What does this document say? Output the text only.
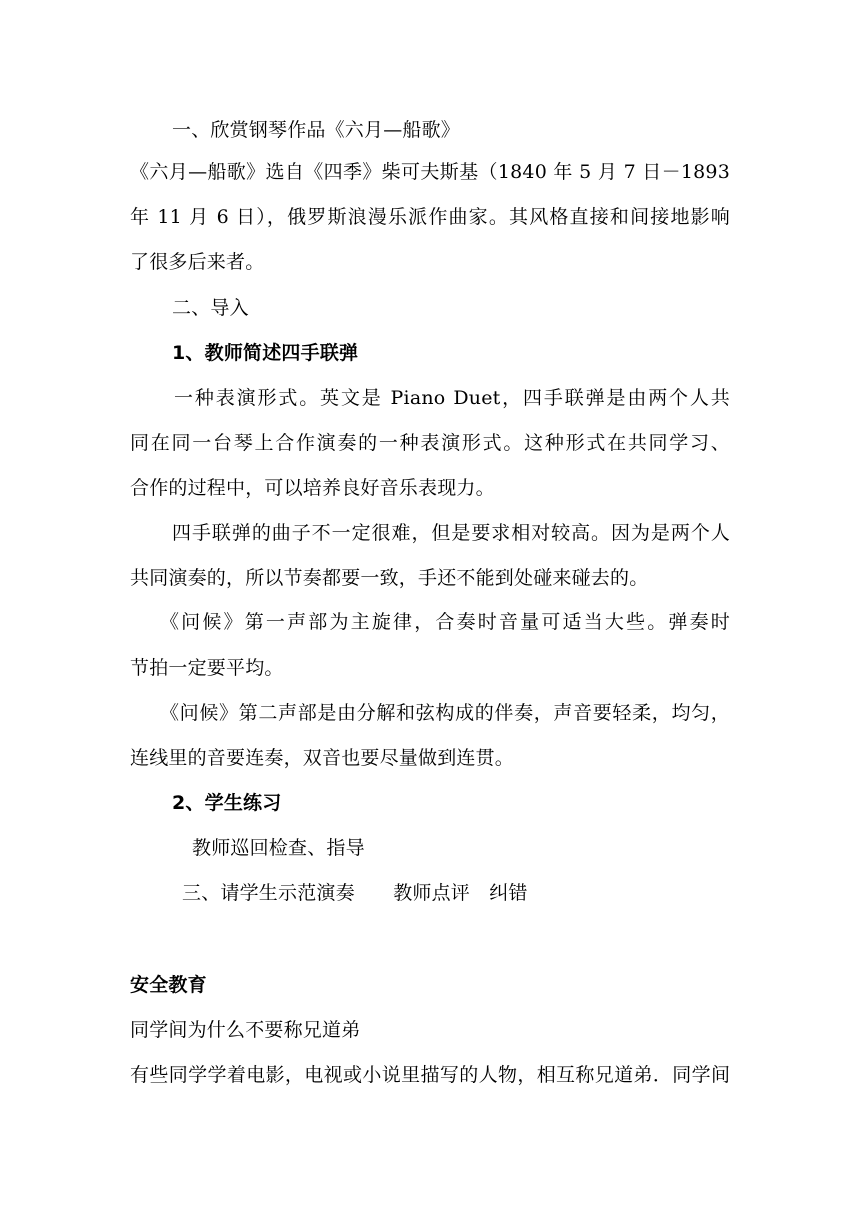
一、欣赏钢琴作品《六月—船歌》
《六月—船歌》选自《四季》柴可夫斯基（1840 年 5 月 7 日－1893
年 11 月 6 日），俄罗斯浪漫乐派作曲家。其风格直接和间接地影响
了很多后来者。
二、导入
1、教师简述四手联弹
一种表演形式。英文是 Piano Duet，四手联弹是由两个人共
同在同一台琴上合作演奏的一种表演形式。这种形式在共同学习、
合作的过程中，可以培养良好音乐表现力。
四手联弹的曲子不一定很难，但是要求相对较高。因为是两个人
共同演奏的，所以节奏都要一致，手还不能到处碰来碰去的。
《问候》第一声部为主旋律，合奏时音量可适当大些。弹奏时
节拍一定要平均。
《问候》第二声部是由分解和弦构成的伴奏，声音要轻柔，均匀，
连线里的音要连奏，双音也要尽量做到连贯。
2、学生练习
教师巡回检查、指导
三、请学生示范演奏　　教师点评　纠错
安全教育
同学间为什么不要称兄道弟
有些同学学着电影，电视或小说里描写的人物，相互称兄道弟．同学间
